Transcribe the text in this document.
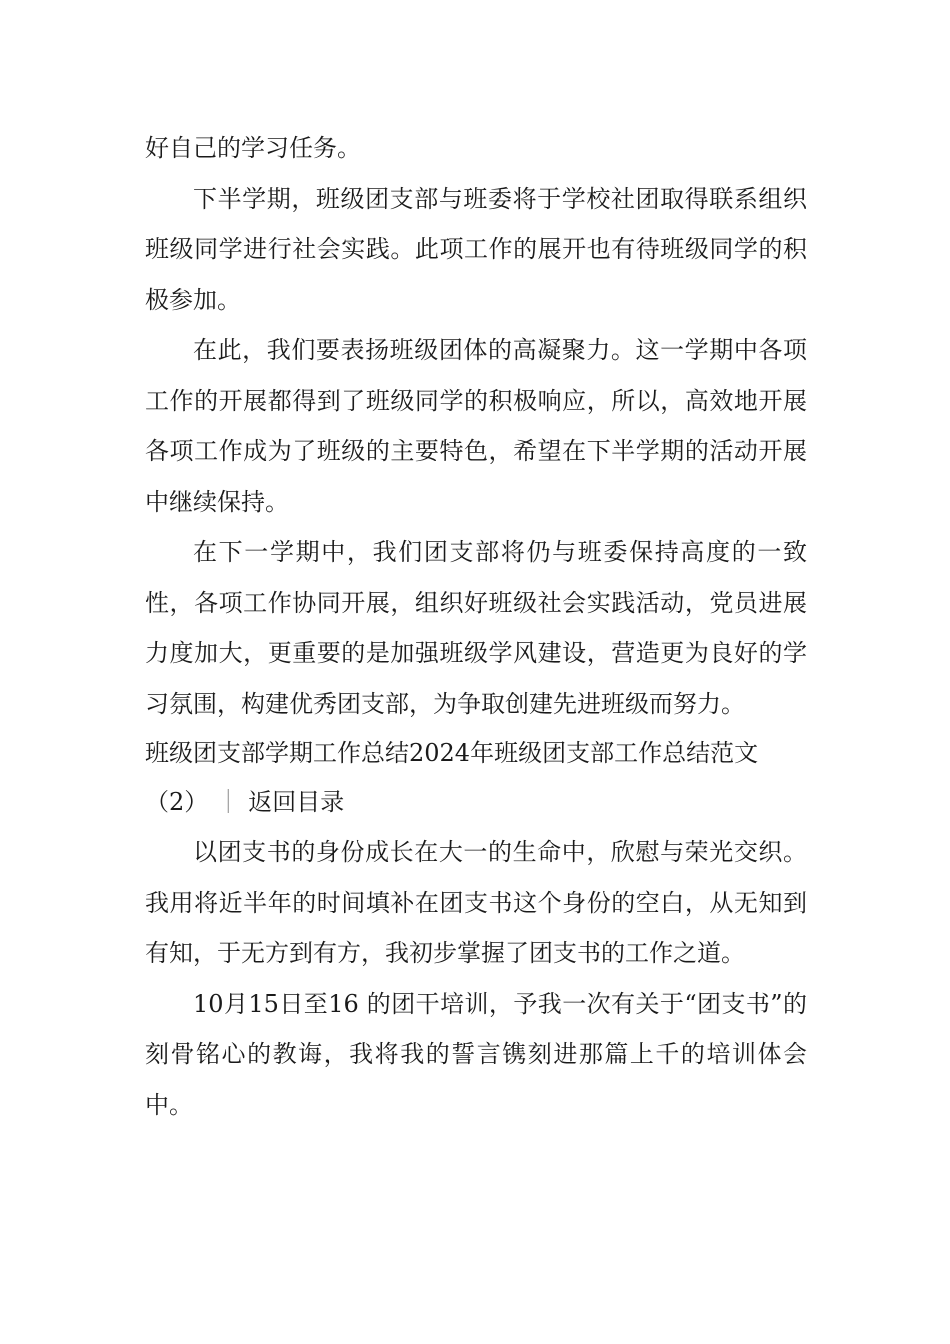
好自己的学习任务。

下半学期，班级团支部与班委将于学校社团取得联系组织班级同学进行社会实践。此项工作的展开也有待班级同学的积极参加。

在此，我们要表扬班级团体的高凝聚力。这一学期中各项工作的开展都得到了班级同学的积极响应，所以，高效地开展各项工作成为了班级的主要特色，希望在下半学期的活动开展中继续保持。

在下一学期中，我们团支部将仍与班委保持高度的一致性，各项工作协同开展，组织好班级社会实践活动，党员进展力度加大，更重要的是加强班级学风建设，营造更为良好的学习氛围，构建优秀团支部，为争取创建先进班级而努力。

班级团支部学期工作总结2024年班级团支部工作总结范文（2） ｜ 返回目录

以团支书的身份成长在大一的生命中，欣慰与荣光交织。我用将近半年的时间填补在团支书这个身份的空白，从无知到有知，于无方到有方，我初步掌握了团支书的工作之道。

10月15日至16 的团干培训，予我一次有关于“团支书”的刻骨铭心的教诲，我将我的誓言镌刻进那篇上千的培训体会中。
